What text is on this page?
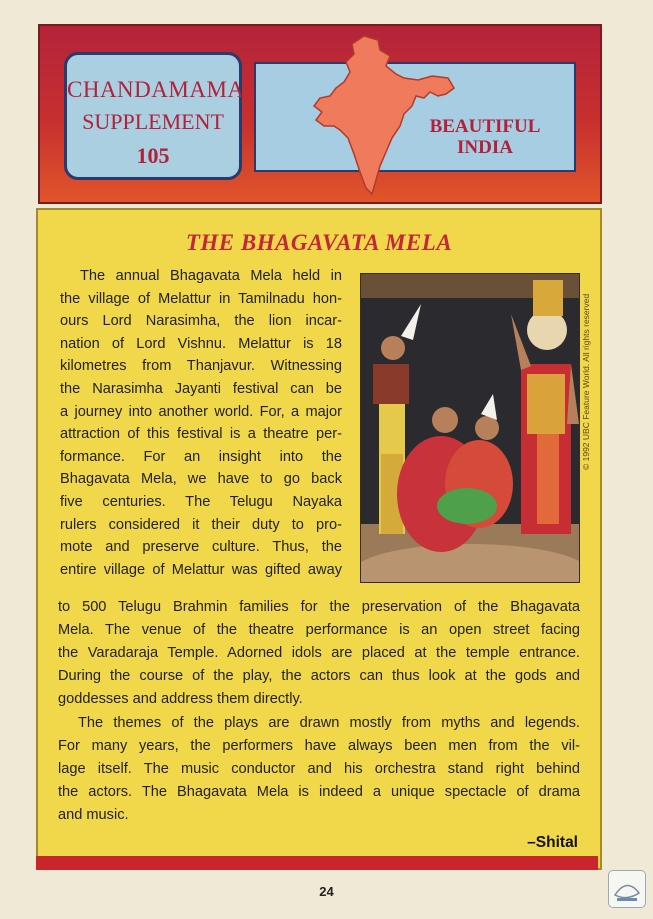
CHANDAMAMA
SUPPLEMENT
105
BEAUTIFUL
INDIA
THE BHAGAVATA MELA
© 1992 UBC Feature World. All rights reserved
The annual Bhagavata Mela held in
the village of Melattur in Tamilnadu hon-
ours Lord Narasimha, the lion incar-
nation of Lord Vishnu. Melattur is 18
kilometres from Thanjavur. Witnessing
the Narasimha Jayanti festival can be
a journey into another world. For, a major
attraction of this festival is a theatre per-
formance. For an insight into the
Bhagavata Mela, we have to go back
five centuries. The Telugu Nayaka
rulers considered it their duty to pro-
mote and preserve culture. Thus, the
entire village of Melattur was gifted away
to 500 Telugu Brahmin families for the preservation of the Bhagavata
Mela. The venue of the theatre performance is an open street facing
the Varadaraja Temple. Adorned idols are placed at the temple entrance.
During the course of the play, the actors can thus look at the gods and
goddesses and address them directly.
The themes of the plays are drawn mostly from myths and legends.
For many years, the performers have always been men from the vil-
lage itself. The music conductor and his orchestra stand right behind
the actors. The Bhagavata Mela is indeed a unique spectacle of drama
and music.
–Shital
24
